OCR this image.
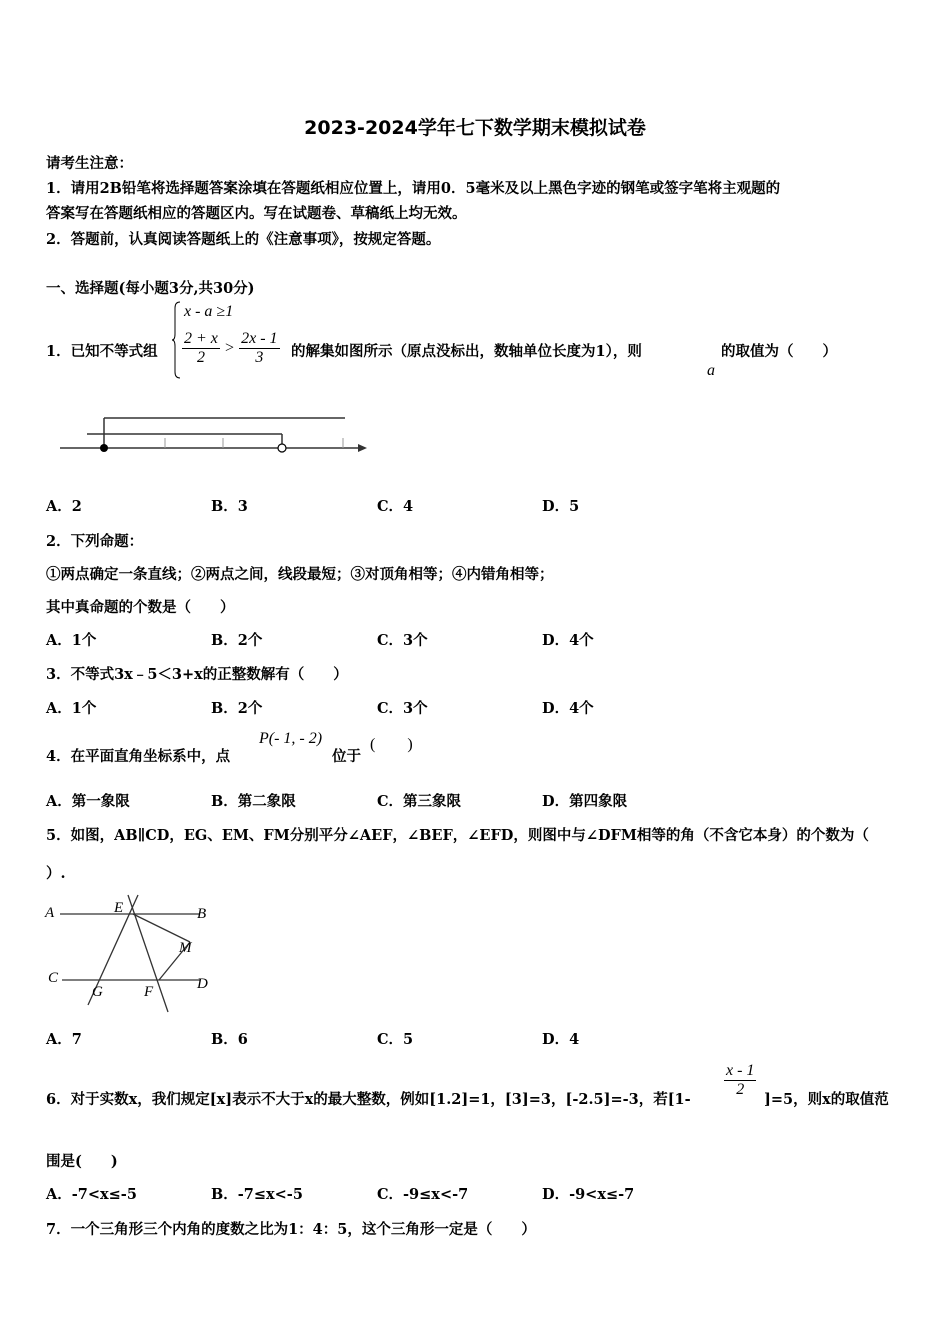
2023-2024学年七下数学期末模拟试卷
请考生注意：
1．请用2B铅笔将选择题答案涂填在答题纸相应位置上，请用0．5毫米及以上黑色字迹的钢笔或签字笔将主观题的
答案写在答题纸相应的答题区内。写在试题卷、草稿纸上均无效。
2．答题前，认真阅读答题纸上的《注意事项》，按规定答题。
一、选择题(每小题3分,共30分)
1．已知不等式组
x - a ≥1
$\frac{2 + x}{2} > \frac{2x - 1}{3}$ 的解集如图所示（原点没标出，数轴单位长度为1），则
a
的取值为（　　）
A．2	B．3	C．4	D．5
2．下列命题：
①两点确定一条直线；②两点之间，线段最短；③对顶角相等；④内错角相等；
其中真命题的个数是（　　）
A．1个	B．2个	C．3个	D．4个
3．不等式3x﹣5＜3+x的正整数解有（　　）
A．1个	B．2个	C．3个	D．4个
4．在平面直角坐标系中，点
P(- 1, - 2)
位于
(　　)
A．第一象限	B．第二象限	C．第三象限	D．第四象限
5．如图，AB∥CD，EG、EM、FM分别平分∠AEF，∠BEF，∠EFD，则图中与∠DFM相等的角（不含它本身）的个数为（
）.
A	B
C	D
E
F
G
M
A．7	B．6	C．5	D．4
6．对于实数x，我们规定[x]表示不大于x的最大整数，例如[1.2]=1，[3]=3，[-2.5]=-3，若[1-
$\frac{x - 1}{2}$
]=5，则x的取值范
围是(　　)
A．-7<x≤-5	B．-7≤x<-5	C．-9≤x<-7	D．-9<x≤-7
7．一个三角形三个内角的度数之比为1：4：5，这个三角形一定是（　　）
